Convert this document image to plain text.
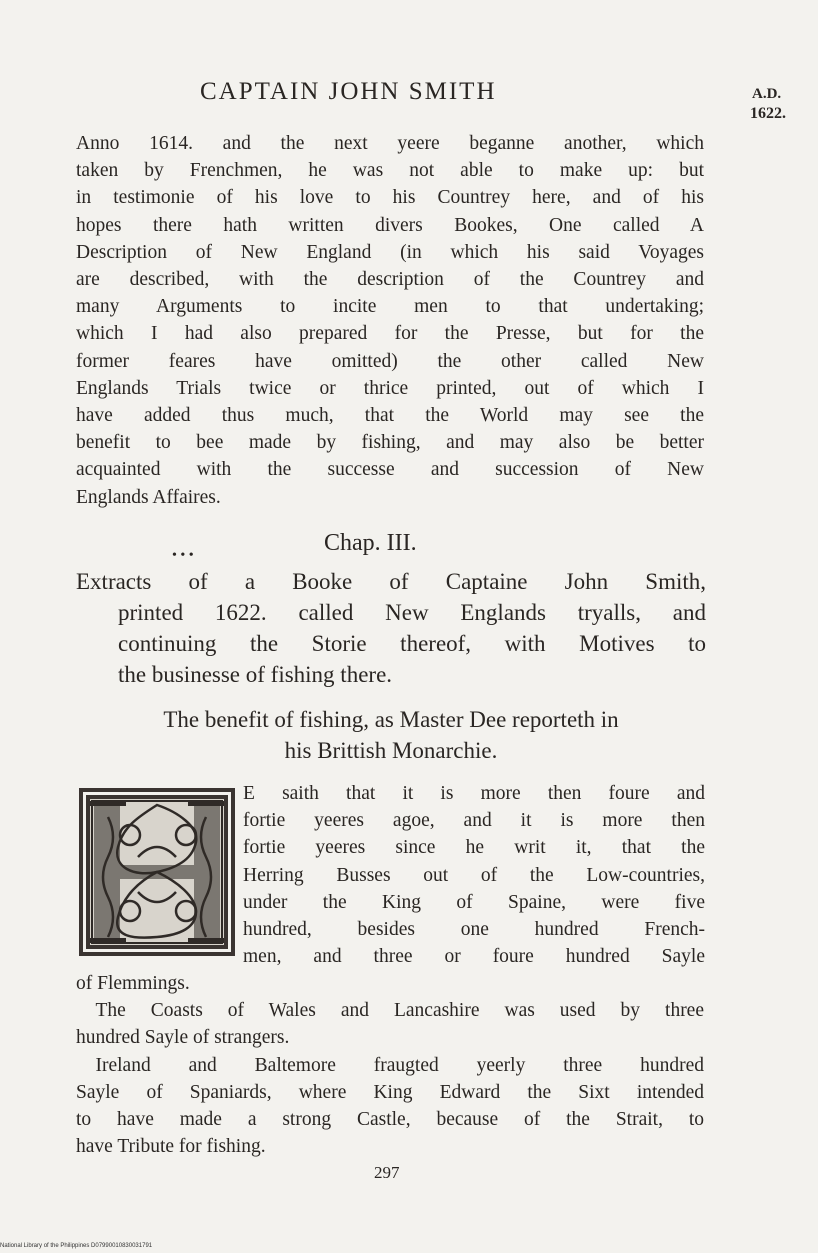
CAPTAIN JOHN SMITH	A.D.
1622.
Anno 1614. and the next yeere beganne another, which
taken by Frenchmen, he was not able to make up: but
in testimonie of his love to his Countrey here, and of his
hopes there hath written divers Bookes, One called A
Description of New England (in which his said Voyages
are described, with the description of the Countrey and
many Arguments to incite men to that undertaking;
which I had also prepared for the Presse, but for the
former feares have omitted) the other called New
Englands Trials twice or thrice printed, out of which I
have added thus much, that the World may see the
benefit to bee made by fishing, and may also be better
acquainted with the successe and succession of New
Englands Affaires.
• • •	Chap. III.
Extracts of a Booke of Captaine John Smith,
printed 1622. called New Englands tryalls, and
continuing the Storie thereof, with Motives to
the businesse of fishing there.
The benefit of fishing, as Master Dee reporteth in
his Brittish Monarchie.
E saith that it is more then foure and
fortie yeeres agoe, and it is more then
fortie yeeres since he writ it, that the
Herring Busses out of the Low-countries,
under the King of Spaine, were five
hundred, besides one hundred French-
men, and three or foure hundred Sayle
of Flemmings.
 The Coasts of Wales and Lancashire was used by three
hundred Sayle of strangers.
 Ireland and Baltemore fraugted yeerly three hundred
Sayle of Spaniards, where King Edward the Sixt intended
to have made a strong Castle, because of the Strait, to
have Tribute for fishing.

297

National Library of the Philippines D07990010830031791
